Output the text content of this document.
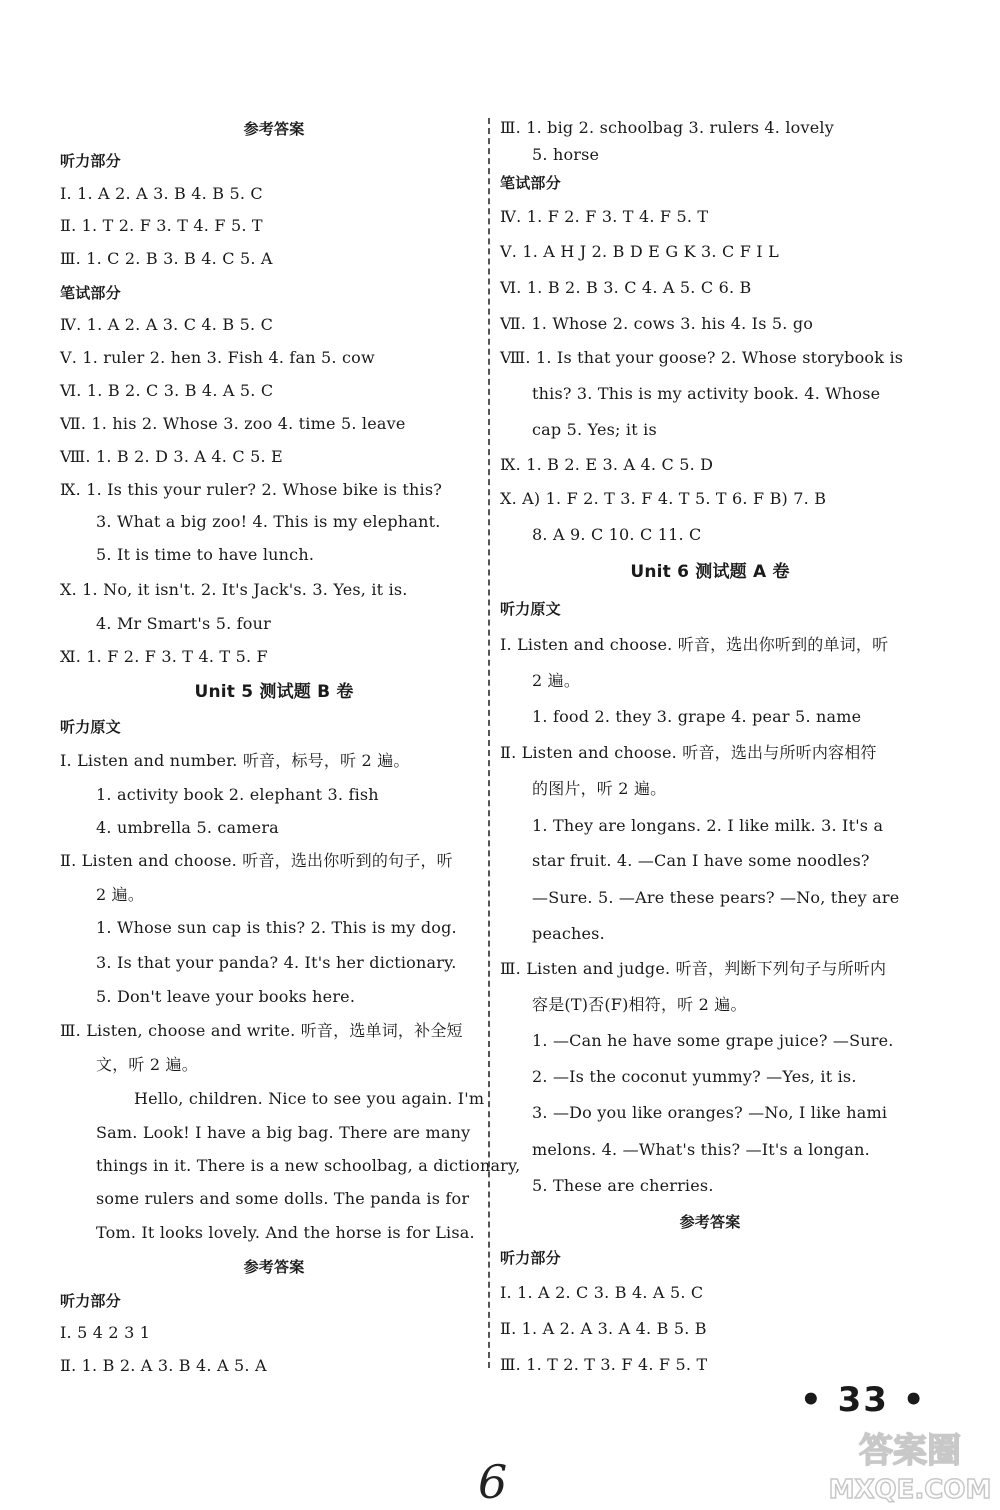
参考答案
听力部分
Ⅰ. 1. A 2. A 3. B 4. B 5. C
Ⅱ. 1. T 2. F 3. T 4. F 5. T
Ⅲ. 1. C 2. B 3. B 4. C 5. A
笔试部分
Ⅳ. 1. A 2. A 3. C 4. B 5. C
Ⅴ. 1. ruler 2. hen 3. Fish 4. fan 5. cow
Ⅵ. 1. B 2. C 3. B 4. A 5. C
Ⅶ. 1. his 2. Whose 3. zoo 4. time 5. leave
Ⅷ. 1. B 2. D 3. A 4. C 5. E
Ⅸ. 1. Is this your ruler? 2. Whose bike is this?
3. What a big zoo! 4. This is my elephant.
5. It is time to have lunch.
Ⅹ. 1. No, it isn't. 2. It's Jack's. 3. Yes, it is.
4. Mr Smart's 5. four
Ⅺ. 1. F 2. F 3. T 4. T 5. F
Unit 5 测试题 B 卷
听力原文
Ⅰ. Listen and number. 听音，标号，听 2 遍。
1. activity book 2. elephant 3. fish
4. umbrella 5. camera
Ⅱ. Listen and choose. 听音，选出你听到的句子，听
2 遍。
1. Whose sun cap is this? 2. This is my dog.
3. Is that your panda? 4. It's her dictionary.
5. Don't leave your books here.
Ⅲ. Listen, choose and write. 听音，选单词，补全短
文，听 2 遍。
Hello, children. Nice to see you again. I'm
Sam. Look! I have a big bag. There are many
things in it. There is a new schoolbag, a dictionary,
some rulers and some dolls. The panda is for
Tom. It looks lovely. And the horse is for Lisa.
参考答案
听力部分
Ⅰ. 5 4 2 3 1
Ⅱ. 1. B 2. A 3. B 4. A 5. A
Ⅲ. 1. big 2. schoolbag 3. rulers 4. lovely
5. horse
笔试部分
Ⅳ. 1. F 2. F 3. T 4. F 5. T
Ⅴ. 1. A H J 2. B D E G K 3. C F I L
Ⅵ. 1. B 2. B 3. C 4. A 5. C 6. B
Ⅶ. 1. Whose 2. cows 3. his 4. Is 5. go
Ⅷ. 1. Is that your goose? 2. Whose storybook is
this? 3. This is my activity book. 4. Whose
cap 5. Yes; it is
Ⅸ. 1. B 2. E 3. A 4. C 5. D
Ⅹ. A) 1. F 2. T 3. F 4. T 5. T 6. F B) 7. B
8. A 9. C 10. C 11. C
Unit 6 测试题 A 卷
听力原文
Ⅰ. Listen and choose. 听音，选出你听到的单词，听
2 遍。
1. food 2. they 3. grape 4. pear 5. name
Ⅱ. Listen and choose. 听音，选出与所听内容相符
的图片，听 2 遍。
1. They are longans. 2. I like milk. 3. It's a
star fruit. 4. —Can I have some noodles?
—Sure. 5. —Are these pears? —No, they are
peaches.
Ⅲ. Listen and judge. 听音，判断下列句子与所听内
容是(T)否(F)相符，听 2 遍。
1. —Can he have some grape juice? —Sure.
2. —Is the coconut yummy? —Yes, it is.
3. —Do you like oranges? —No, I like hami
melons. 4. —What's this? —It's a longan.
5. These are cherries.
参考答案
听力部分
Ⅰ. 1. A 2. C 3. B 4. A 5. C
Ⅱ. 1. A 2. A 3. A 4. B 5. B
Ⅲ. 1. T 2. T 3. F 4. F 5. T
• 33 •
6
答案圈
MXQE.COM
